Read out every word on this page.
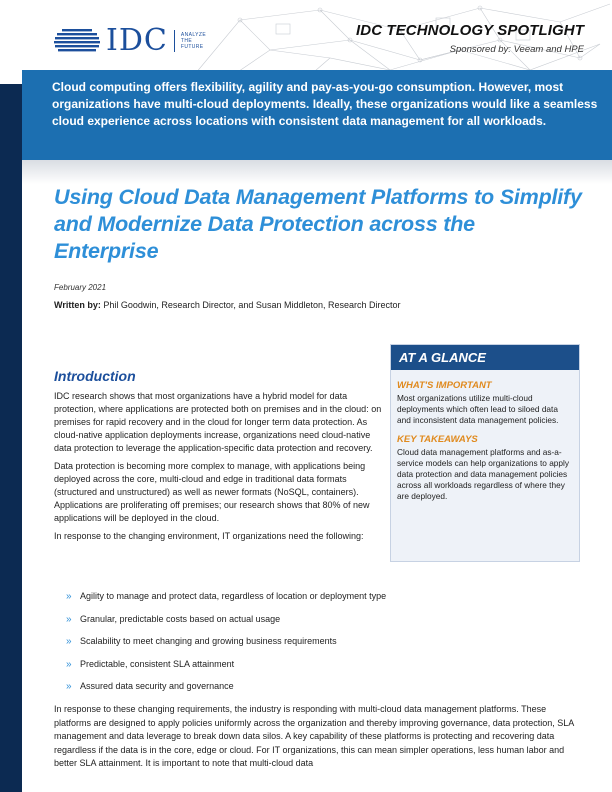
IDC	ANALYZE
THE
FUTURE
IDC TECHNOLOGY SPOTLIGHT
Sponsored by: Veeam and HPE

Cloud computing offers flexibility, agility and pay-as-you-go consumption. However, most organizations have multi-cloud deployments. Ideally, these organizations would like a seamless cloud experience across locations with consistent data management for all workloads.

Using Cloud Data Management Platforms to Simplify and Modernize Data Protection across the Enterprise
February 2021
Written by: Phil Goodwin, Research Director, and Susan Middleton, Research Director
AT A GLANCE
WHAT'S IMPORTANT
Most organizations utilize multi-cloud deployments which often lead to siloed data and inconsistent data management policies.
KEY TAKEAWAYS
Cloud data management platforms and as-a-service models can help organizations to apply data protection and data management policies across all workloads regardless of where they are deployed.
Introduction

IDC research shows that most organizations have a hybrid model for data protection, where applications are protected both on premises and in the cloud: on premises for rapid recovery and in the cloud for longer term data protection. As cloud-native application deployments increase, organizations need cloud-native data protection to leverage the application-specific data protection and recovery.

Data protection is becoming more complex to manage, with applications being deployed across the core, multi-cloud and edge in traditional data formats (structured and unstructured) as well as newer formats (NoSQL, containers). Applications are proliferating off premises; our research shows that 80% of new applications will be deployed in the cloud.

In response to the changing environment, IT organizations need the following:

» Agility to manage and protect data, regardless of location or deployment type
» Granular, predictable costs based on actual usage
» Scalability to meet changing and growing business requirements
» Predictable, consistent SLA attainment
» Assured data security and governance

In response to these changing requirements, the industry is responding with multi-cloud data management platforms. These platforms are designed to apply policies uniformly across the organization and thereby improving governance, data protection, SLA management and data leverage to break down data silos. A key capability of these platforms is protecting and recovering data regardless if the data is in the core, edge or cloud. For IT organizations, this can mean simpler operations, less human labor and better SLA attainment. It is important to note that multi-cloud data
